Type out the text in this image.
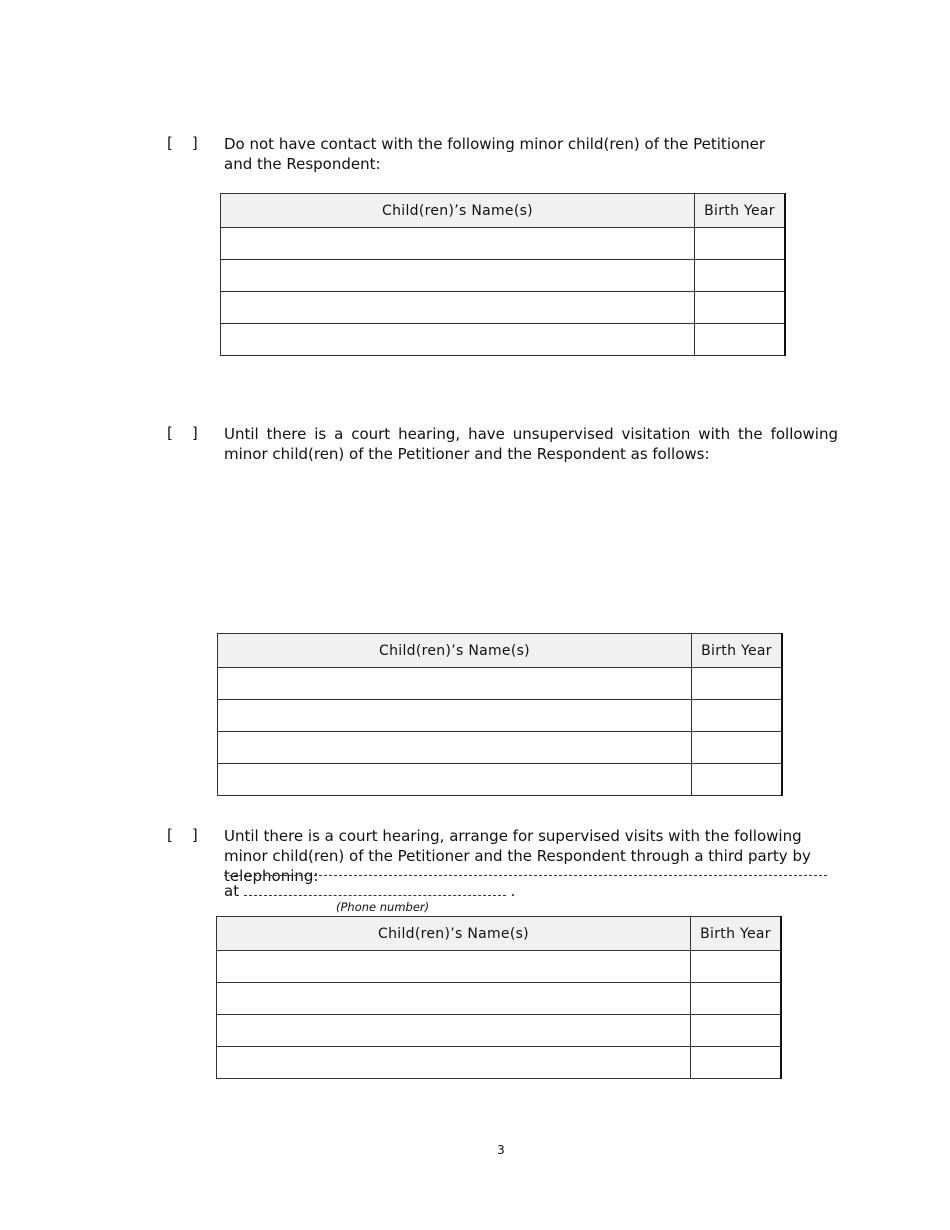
[    ] Do not have contact with the following minor child(ren) of the Petitioner and the Respondent:
Child(ren)’s Name(s)	Birth Year

[    ] Until there is a court hearing, have unsupervised visitation with the following minor child(ren) of the Petitioner and the Respondent as follows:
Child(ren)’s Name(s)	Birth Year

[    ] Until there is a court hearing, arrange for supervised visits with the following minor child(ren) of the Petitioner and the Respondent through a third party by telephoning:
at	.
(Phone number)
Child(ren)’s Name(s)	Birth Year

3
